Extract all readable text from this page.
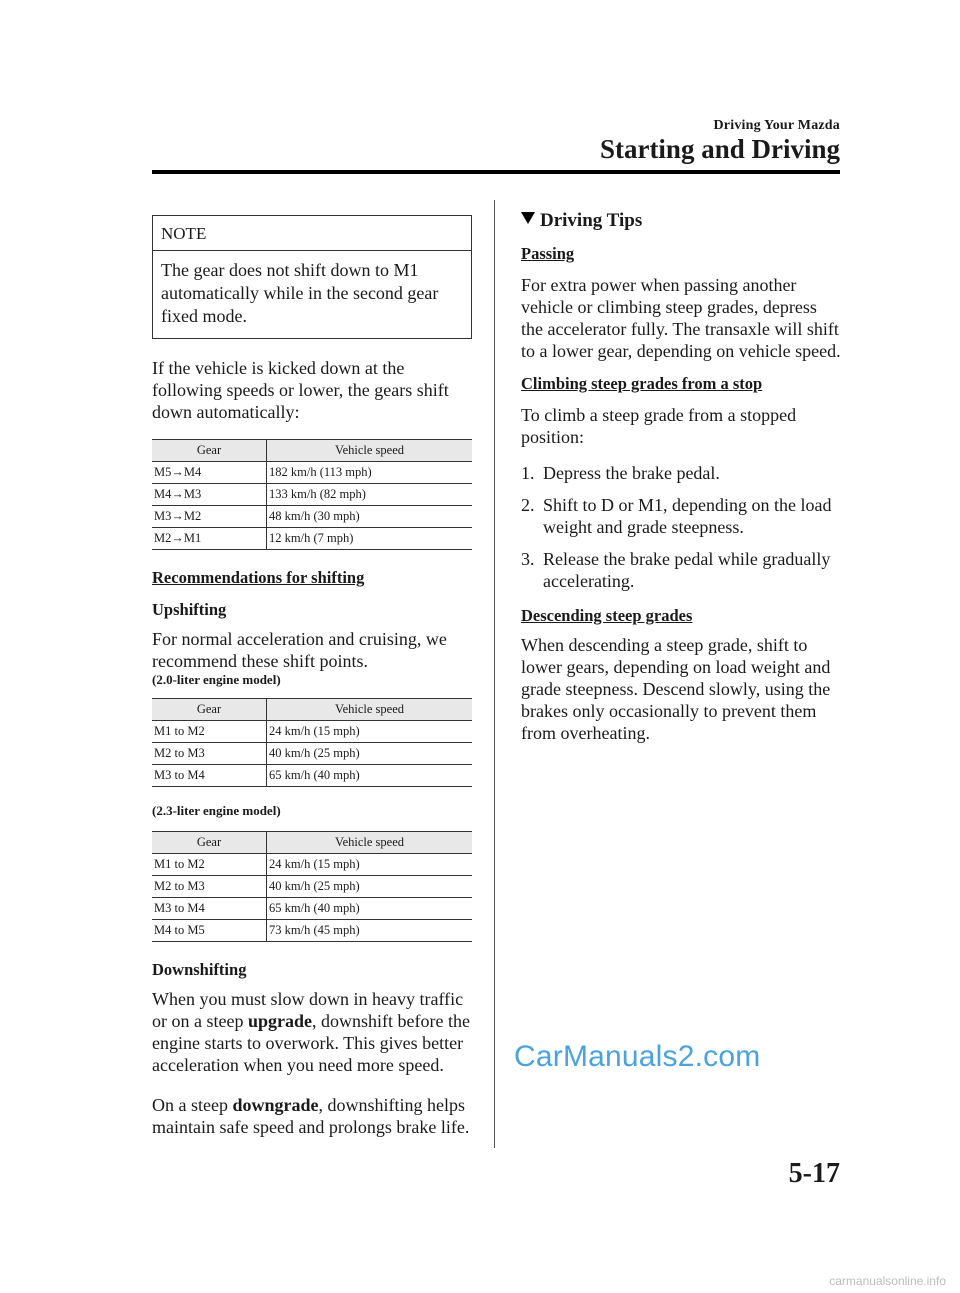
Driving Your Mazda
Starting and Driving
NOTE
The gear does not shift down to M1 automatically while in the second gear fixed mode.

If the vehicle is kicked down at the following speeds or lower, the gears shift down automatically:

Gear	Vehicle speed
M5→M4	182 km/h (113 mph)
M4→M3	133 km/h (82 mph)
M3→M2	48 km/h (30 mph)
M2→M1	12 km/h (7 mph)
Recommendations for shifting
Upshifting

For normal acceleration and cruising, we recommend these shift points.

(2.0-liter engine model)
Gear	Vehicle speed
M1 to M2	24 km/h (15 mph)
M2 to M3	40 km/h (25 mph)
M3 to M4	65 km/h (40 mph)
(2.3-liter engine model)
Gear	Vehicle speed
M1 to M2	24 km/h (15 mph)
M2 to M3	40 km/h (25 mph)
M3 to M4	65 km/h (40 mph)
M4 to M5	73 km/h (45 mph)
Downshifting

When you must slow down in heavy traffic or on a steep upgrade, downshift before the engine starts to overwork. This gives better acceleration when you need more speed.

On a steep downgrade, downshifting helps maintain safe speed and prolongs brake life.

Driving Tips
Passing

For extra power when passing another vehicle or climbing steep grades, depress the accelerator fully. The transaxle will shift to a lower gear, depending on vehicle speed.

Climbing steep grades from a stop

To climb a steep grade from a stopped position:

1. Depress the brake pedal.
2. Shift to D or M1, depending on the load weight and grade steepness.
3. Release the brake pedal while gradually accelerating.
Descending steep grades

When descending a steep grade, shift to lower gears, depending on load weight and grade steepness. Descend slowly, using the brakes only occasionally to prevent them from overheating.

CarManuals2.com
5-17
carmanualsonline.info
